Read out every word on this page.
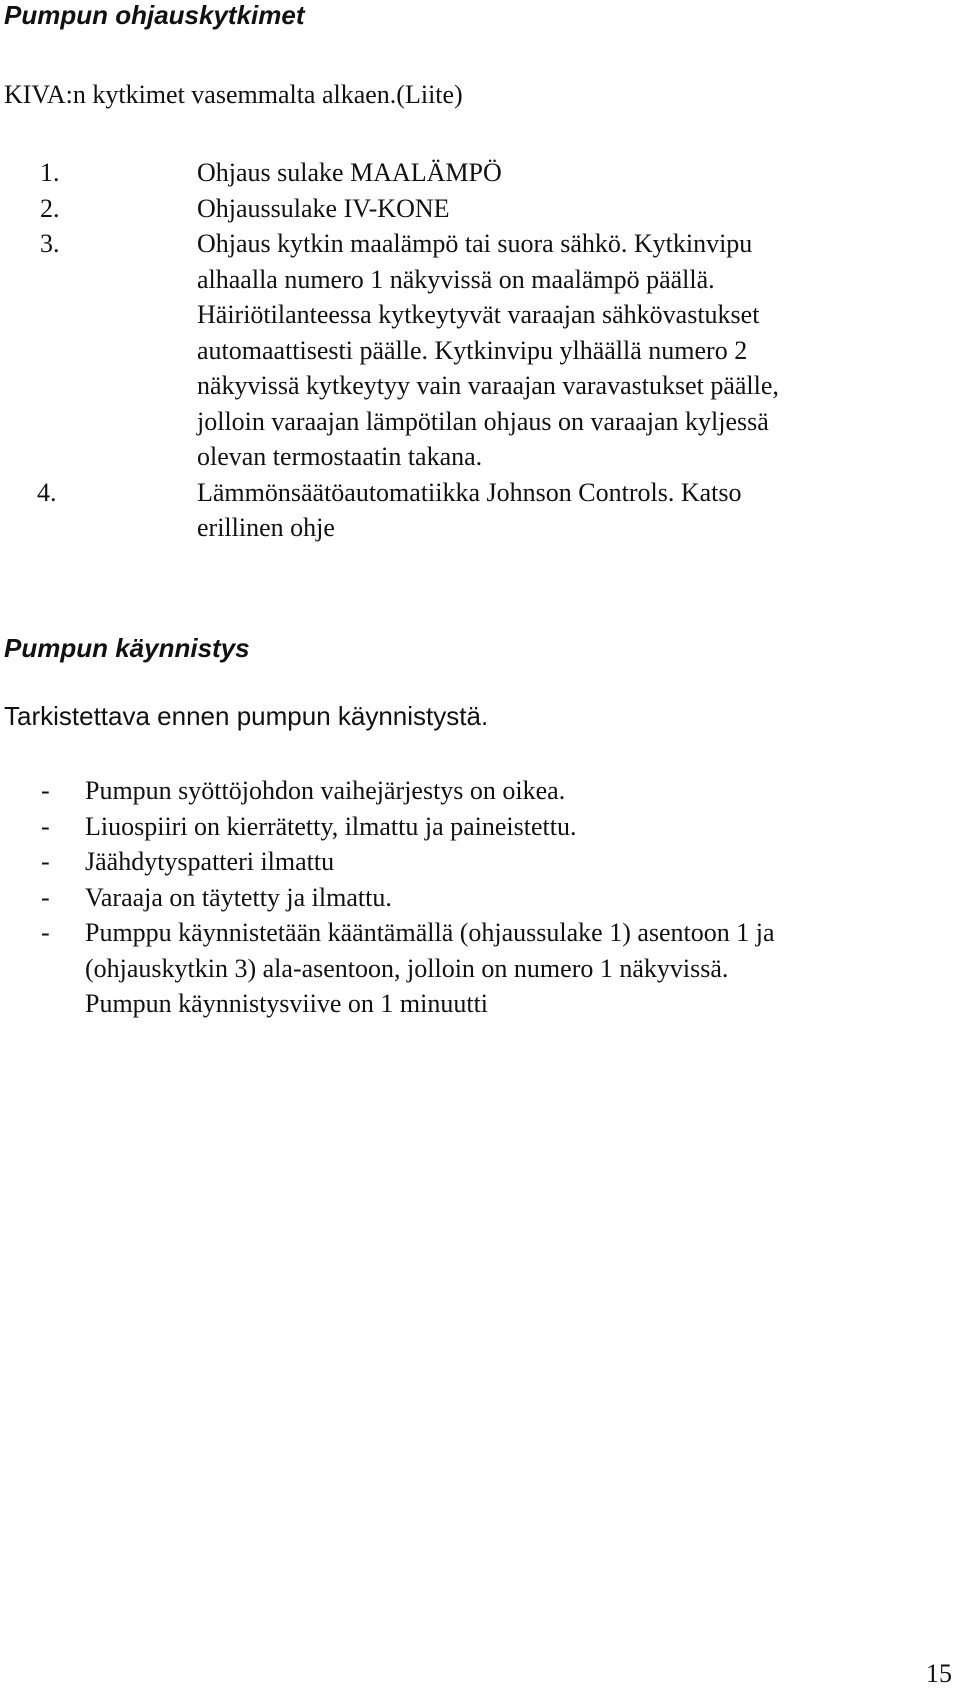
Pumpun ohjauskytkimet

KIVA:n kytkimet vasemmalta alkaen.(Liite)

1.	Ohjaus sulake MAALÄMPÖ
2.	Ohjaussulake IV-KONE
3.	Ohjaus kytkin maalämpö tai suora sähkö. Kytkinvipu
alhaalla numero 1 näkyvissä on maalämpö päällä.
Häiriötilanteessa kytkeytyvät varaajan sähkövastukset
automaattisesti päälle. Kytkinvipu ylhäällä numero 2
näkyvissä kytkeytyy vain varaajan varavastukset päälle,
jolloin varaajan lämpötilan ohjaus on varaajan kyljessä
olevan termostaatin takana.
4.	Lämmönsäätöautomatiikka Johnson Controls. Katso
erillinen ohje
Pumpun käynnistys

Tarkistettava ennen pumpun käynnistystä.

- Pumpun syöttöjohdon vaihejärjestys on oikea.
- Liuospiiri on kierrätetty, ilmattu ja paineistettu.
- Jäähdytyspatteri ilmattu
- Varaaja on täytetty ja ilmattu.
- Pumppu käynnistetään kääntämällä (ohjaussulake 1) asentoon 1 ja
(ohjauskytkin 3) ala-asentoon, jolloin on numero 1 näkyvissä.
Pumpun käynnistysviive on 1 minuutti

15
